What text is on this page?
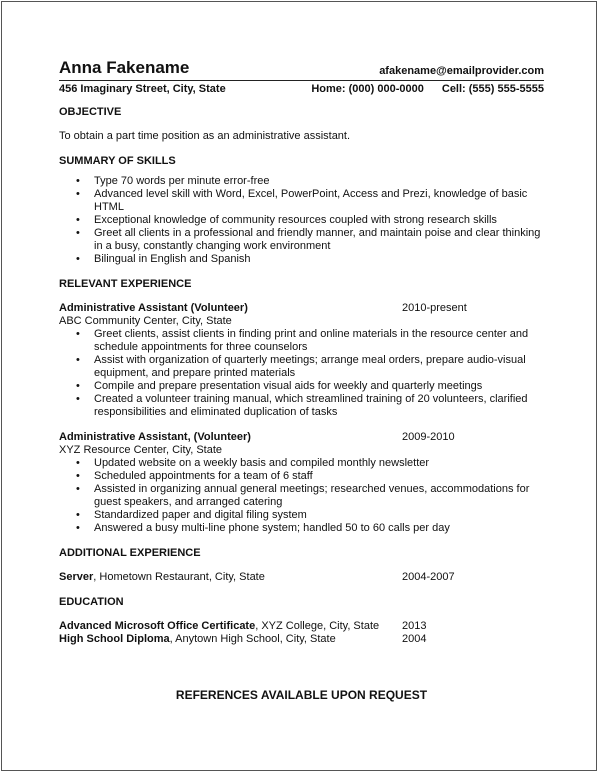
Anna Fakename	afakename@emailprovider.com
456 Imaginary Street, City, State	Home: (000) 000-0000 Cell: (555) 555-5555
OBJECTIVE

To obtain a part time position as an administrative assistant.

SUMMARY OF SKILLS
• Type 70 words per minute error-free
• Advanced level skill with Word, Excel, PowerPoint, Access and Prezi, knowledge of basic HTML
• Exceptional knowledge of community resources coupled with strong research skills
• Greet all clients in a professional and friendly manner, and maintain poise and clear thinking in a busy, constantly changing work environment
• Bilingual in English and Spanish
RELEVANT EXPERIENCE
Administrative Assistant (Volunteer)	2010-present

ABC Community Center, City, State

• Greet clients, assist clients in finding print and online materials in the resource center and schedule appointments for three counselors
• Assist with organization of quarterly meetings; arrange meal orders, prepare audio-visual equipment, and prepare printed materials
• Compile and prepare presentation visual aids for weekly and quarterly meetings
• Created a volunteer training manual, which streamlined training of 20 volunteers, clarified responsibilities and eliminated duplication of tasks
Administrative Assistant, (Volunteer)	2009-2010

XYZ Resource Center, City, State

• Updated website on a weekly basis and compiled monthly newsletter
• Scheduled appointments for a team of 6 staff
• Assisted in organizing annual general meetings; researched venues, accommodations for guest speakers, and arranged catering
• Standardized paper and digital filing system
• Answered a busy multi-line phone system; handled 50 to 60 calls per day
ADDITIONAL EXPERIENCE
Server, Hometown Restaurant, City, State	2004-2007
EDUCATION
Advanced Microsoft Office Certificate, XYZ College, City, State	2013
High School Diploma, Anytown High School, City, State	2004
REFERENCES AVAILABLE UPON REQUEST
